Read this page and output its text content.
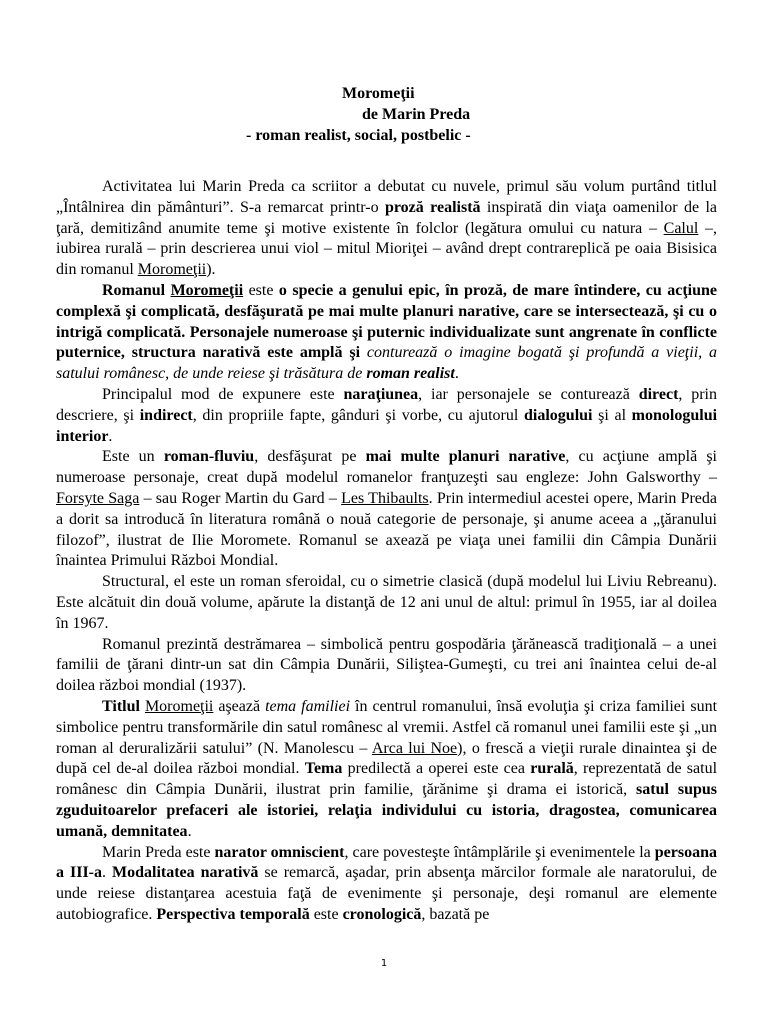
Moromeţii
de Marin Preda
- roman realist, social, postbelic -

Activitatea lui Marin Preda ca scriitor a debutat cu nuvele, primul său volum purtând titlul „Întâlnirea din pământuri”. S-a remarcat printr-o proză realistă inspirată din viaţa oamenilor de la ţară, demitizând anumite teme şi motive existente în folclor (legătura omului cu natura – Calul –, iubirea rurală – prin descrierea unui viol – mitul Mioriţei – având drept contrareplică pe oaia Bisisica din romanul Moromeţii).

Romanul Moromeţii este o specie a genului epic, în proză, de mare întindere, cu acţiune complexă şi complicată, desfăşurată pe mai multe planuri narative, care se intersectează, şi cu o intrigă complicată. Personajele numeroase şi puternic individualizate sunt angrenate în conflicte puternice, structura narativă este amplă şi conturează o imagine bogată şi profundă a vieţii, a satului românesc, de unde reiese şi trăsătura de roman realist.

Principalul mod de expunere este naraţiunea, iar personajele se conturează direct, prin descriere, şi indirect, din propriile fapte, gânduri şi vorbe, cu ajutorul dialogului şi al monologului interior.

Este un roman-fluviu, desfăşurat pe mai multe planuri narative, cu acţiune amplă şi numeroase personaje, creat după modelul romanelor franţuzeşti sau engleze: John Galsworthy – Forsyte Saga – sau Roger Martin du Gard – Les Thibaults. Prin intermediul acestei opere, Marin Preda a dorit sa introducă în literatura română o nouă categorie de personaje, şi anume aceea a „ţăranului filozof”, ilustrat de Ilie Moromete. Romanul se axează pe viaţa unei familii din Câmpia Dunării înaintea Primului Război Mondial.

Structural, el este un roman sferoidal, cu o simetrie clasică (după modelul lui Liviu Rebreanu). Este alcătuit din două volume, apărute la distanţă de 12 ani unul de altul: primul în 1955, iar al doilea în 1967.

Romanul prezintă destrămarea – simbolică pentru gospodăria ţărănească tradiţională – a unei familii de ţărani dintr-un sat din Câmpia Dunării, Siliştea-Gumeşti, cu trei ani înaintea celui de-al doilea război mondial (1937).

Titlul Moromeţii aşează tema familiei în centrul romanului, însă evoluţia şi criza familiei sunt simbolice pentru transformările din satul românesc al vremii. Astfel că romanul unei familii este şi „un roman al deruralizării satului” (N. Manolescu – Arca lui Noe), o frescă a vieţii rurale dinaintea şi de după cel de-al doilea război mondial. Tema predilectă a operei este cea rurală, reprezentată de satul românesc din Câmpia Dunării, ilustrat prin familie, ţărănime şi drama ei istorică, satul supus zguduitoarelor prefaceri ale istoriei, relaţia individului cu istoria, dragostea, comunicarea umană, demnitatea.

Marin Preda este narator omniscient, care povesteşte întâmplările şi evenimentele la persoana a III-a. Modalitatea narativă se remarcă, aşadar, prin absenţa mărcilor formale ale naratorului, de unde reiese distanţarea acestuia faţă de evenimente şi personaje, deşi romanul are elemente autobiografice. Perspectiva temporală este cronologică, bazată pe

1
